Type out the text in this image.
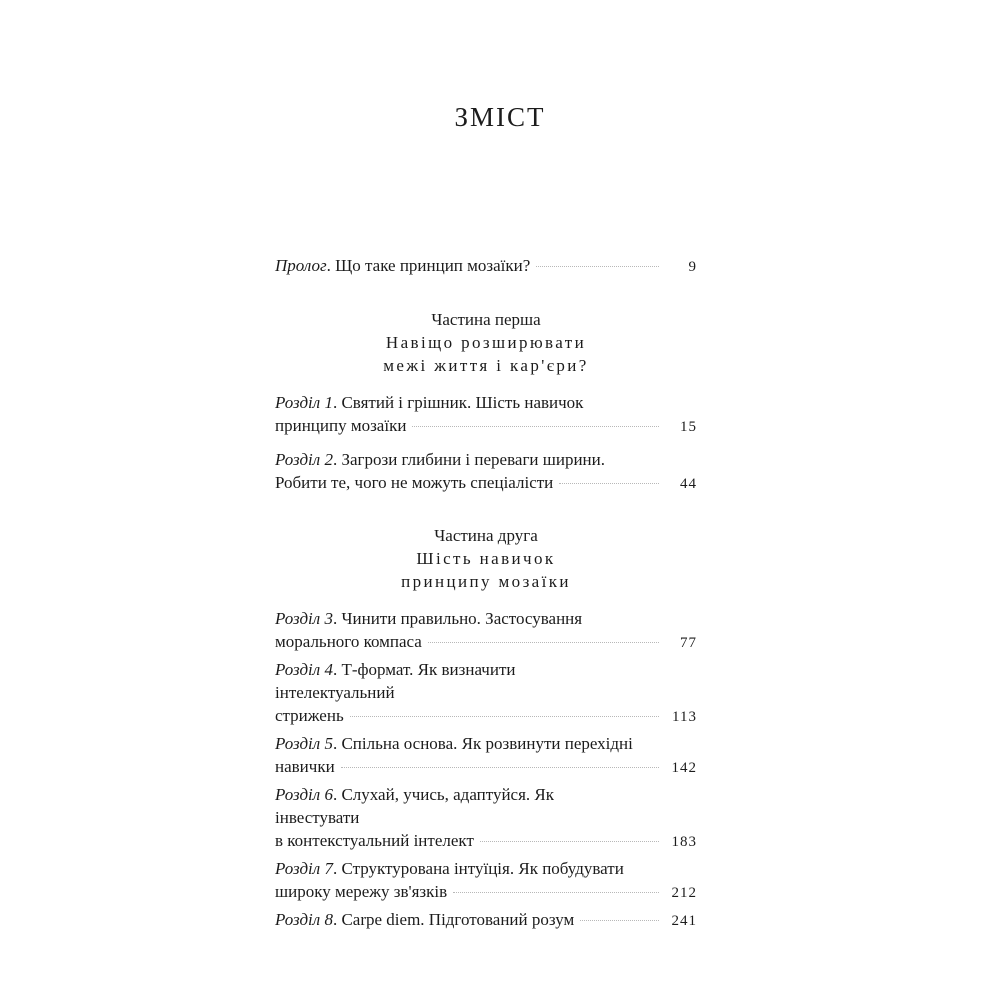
ЗМІСТ
Пролог. Що таке принцип мозаїки?	9
Частина перша
Навіщо розширювати
межі життя і кар'єри?
Розділ 1. Святий і грішник. Шість навичок
принципу мозаїки	15
Розділ 2. Загрози глибини і переваги ширини.
Робити те, чого не можуть спеціалісти	44
Частина друга
Шість навичок
принципу мозаїки
Розділ 3. Чинити правильно. Застосування
морального компаса	77
Розділ 4. Т-формат. Як визначити інтелектуальний
стрижень	113
Розділ 5. Спільна основа. Як розвинути перехідні
навички	142
Розділ 6. Слухай, учись, адаптуйся. Як інвестувати
в контекстуальний інтелект	183
Розділ 7. Структурована інтуїція. Як побудувати
широку мережу зв'язків	212
Розділ 8. Carpe diem. Підготований розум	241
